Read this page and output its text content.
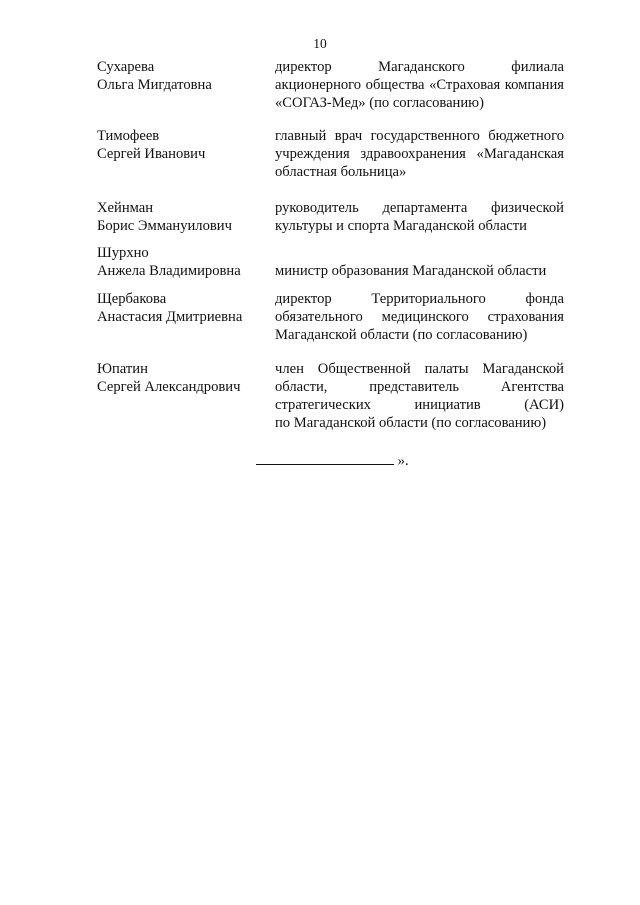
10
Сухарева
Ольга Мигдатовна
директор Магаданского филиала
акционерного общества «Страховая компания
«СОГАЗ-Мед» (по согласованию)
Тимофеев
Сергей Иванович
главный врач государственного бюджетного
учреждения здравоохранения «Магаданская
областная больница»
Хейнман
Борис Эммануилович
руководитель департамента физической
культуры и спорта Магаданской области
Шурхно
Анжела Владимировна	министр образования Магаданской области
Щербакова
Анастасия Дмитриевна
директор Территориального фонда
обязательного медицинского страхования
Магаданской области (по согласованию)
Юпатин
Сергей Александрович
член Общественной палаты Магаданской
области, представитель Агентства
стратегических инициатив (АСИ)
по Магаданской области (по согласованию)
».
